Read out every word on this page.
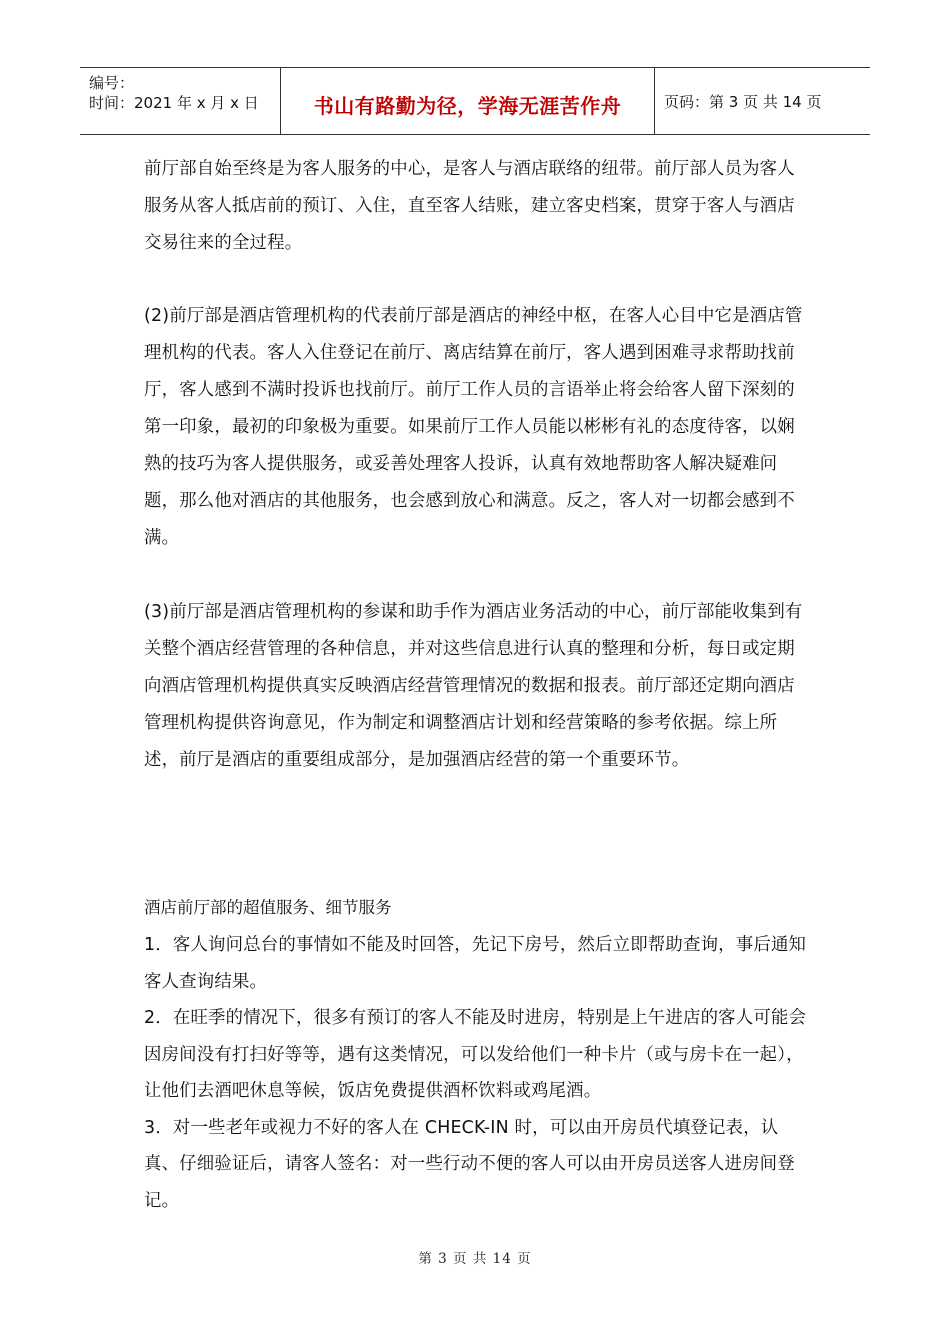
编号：
时间：2021 年 x 月 x 日	书山有路勤为径，学海无涯苦作舟	页码：第 3 页 共 14 页

前厅部自始至终是为客人服务的中心，是客人与酒店联络的纽带。前厅部人员为客人服务从客人抵店前的预订、入住，直至客人结账，建立客史档案，贯穿于客人与酒店交易往来的全过程。

(2)前厅部是酒店管理机构的代表前厅部是酒店的神经中枢，在客人心目中它是酒店管理机构的代表。客人入住登记在前厅、离店结算在前厅，客人遇到困难寻求帮助找前厅，客人感到不满时投诉也找前厅。前厅工作人员的言语举止将会给客人留下深刻的第一印象，最初的印象极为重要。如果前厅工作人员能以彬彬有礼的态度待客，以娴熟的技巧为客人提供服务，或妥善处理客人投诉，认真有效地帮助客人解决疑难问题，那么他对酒店的其他服务，也会感到放心和满意。反之，客人对一切都会感到不满。

(3)前厅部是酒店管理机构的参谋和助手作为酒店业务活动的中心，前厅部能收集到有关整个酒店经营管理的各种信息，并对这些信息进行认真的整理和分析，每日或定期向酒店管理机构提供真实反映酒店经营管理情况的数据和报表。前厅部还定期向酒店管理机构提供咨询意见，作为制定和调整酒店计划和经营策略的参考依据。综上所述，前厅是酒店的重要组成部分，是加强酒店经营的第一个重要环节。

酒店前厅部的超值服务、细节服务

1．客人询问总台的事情如不能及时回答，先记下房号，然后立即帮助查询，事后通知客人查询结果。
2．在旺季的情况下，很多有预订的客人不能及时进房，特别是上午进店的客人可能会因房间没有打扫好等等，遇有这类情况，可以发给他们一种卡片（或与房卡在一起），让他们去酒吧休息等候，饭店免费提供酒杯饮料或鸡尾酒。
3．对一些老年或视力不好的客人在 CHECK-IN 时，可以由开房员代填登记表，认真、仔细验证后，请客人签名：对一些行动不便的客人可以由开房员送客人进房间登记。
第 3 页 共 14 页
